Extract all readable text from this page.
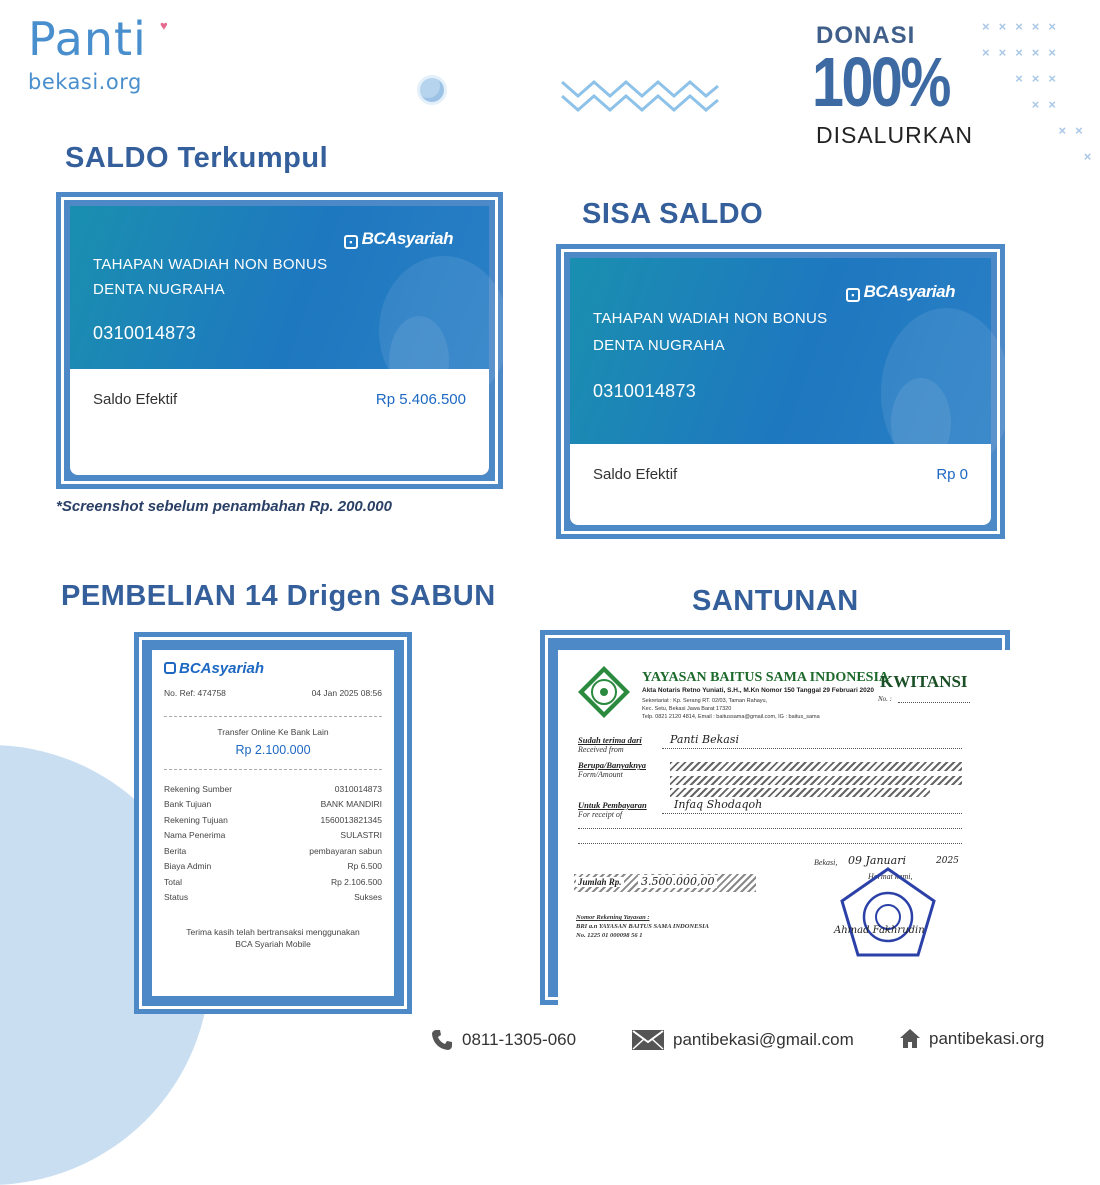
Panti ♥
bekasi.org
×××××
×××××
×××
××
××
×
DONASI
100%
DISALURKAN
SALDO Terkumpul
SISA SALDO
PEMBELIAN 14 Drigen SABUN	SANTUNAN
▪ BCAsyariah
TAHAPAN WADIAH NON BONUS
DENTA NUGRAHA
0310014873
Saldo Efektif	Rp 5.406.500
*Screenshot sebelum penambahan Rp. 200.000
▪ BCAsyariah
TAHAPAN WADIAH NON BONUS
DENTA NUGRAHA
0310014873
Saldo Efektif	Rp 0
BCAsyariah
No. Ref: 474758	04 Jan 2025 08:56
Transfer Online Ke Bank Lain
Rp 2.100.000
Rekening Sumber	0310014873
Bank Tujuan	BANK MANDIRI
Rekening Tujuan	1560013821345
Nama Penerima	SULASTRI
Berita	pembayaran sabun
Biaya Admin	Rp 6.500
Total	Rp 2.106.500
Status	Sukses
Terima kasih telah bertransaksi menggunakan BCA Syariah Mobile
YAYASAN BAITUS SAMA INDONESIA
Akta Notaris Retno Yuniati, S.H., M.Kn Nomor 150 Tanggal 29 Februari 2020
Sekretariat : Kp. Serang RT. 02/03, Taman Rahayu,
Kec. Setu, Bekasi Jawa Barat 17320
Telp. 0821 2120 4814, Email : baitussama@gmail.com, IG : baitus_sama
KWITANSI
No. :
Sudah terima dari
Received from
Panti Bekasi
Berupa/Banyaknya
Form/Amount
Untuk Pembayaran
For receipt of
Infaq Shodaqoh
Bekasi, 09 Januari	2025
Hormat kami,
Jumlah Rp. 3.500.000,00
Nomor Rekening Yayasan :
BRI a.n YAYASAN BAITUS SAMA INDONESIA
No. 1225 01 000098 56 1	Ahmad Fakhrudin
0811-1305-060	pantibekasi@gmail.com	pantibekasi.org
